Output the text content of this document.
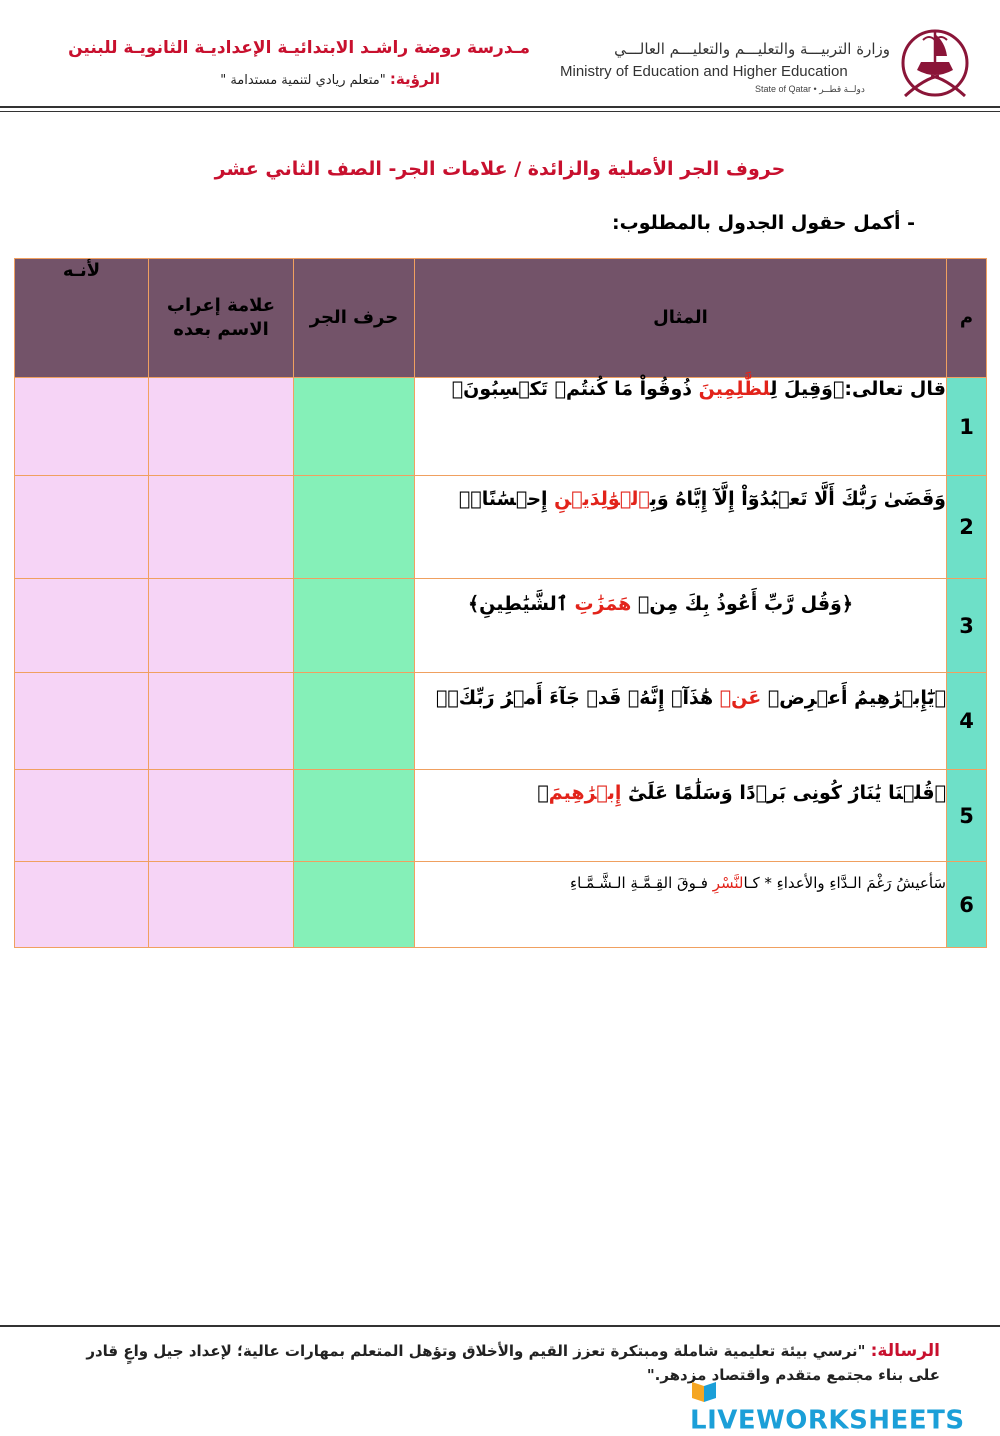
مـدرسة روضة راشـد الابتدائيـة الإعداديـة الثانويـة للبنين
الرؤية: "متعلم ريادي لتنمية مستدامة "
وزارة التربيـــة والتعليـــم والتعليـــم العالـــي
Ministry of Education and Higher Education
State of Qatar • دولــة قطــر
حروف الجر الأصلية والزائدة / علامات الجر- الصف الثاني عشر
- أكمل حقول الجدول بالمطلوب:
م	المثال	حرف الجر	علامة إعراب الاسم بعده	لأنـه
1	قال تعالى:﴿وَقِيلَ لِلظَّٰلِمِينَ ذُوقُواْ مَا كُنتُمۡ تَكۡسِبُونَ﴾			
2	وَقَضَىٰ رَبُّكَ أَلَّا تَعۡبُدُوٓاْ إِلَّآ إِيَّاهُ وَبِٱلۡوَٰلِدَيۡنِ إِحۡسَٰنًاۚ﴾			
3	﴿وَقُل رَّبِّ أَعُوذُ بِكَ مِنۡ هَمَزَٰتِ ٱلشَّيَٰطِينِ﴾			
4	﴿يَٰٓإِبۡرَٰهِيمُ أَعۡرِضۡ عَنۡ هَٰذَآۖ إِنَّهُۥ قَدۡ جَآءَ أَمۡرُ رَبِّكَۖ﴾			
5	﴿قُلۡنَا يَٰنَارُ كُونِى بَرۡدًا وَسَلَٰمًا عَلَىٰٓ إِبۡرَٰهِيمَ﴾			
6	سَأعيشُ رَغْمَ الـدَّاءِ والأعداءِ * كـالنَّسْرِ فـوقَ القِـمَّـةِ الـشَّـمَّـاءِ			
الرسالة: "نرسي بيئة تعليمية شاملة ومبتكرة تعزز القيم والأخلاق وتؤهل المتعلم بمهارات عالية؛ لإعداد جيل واعٍ قادر على بناء مجتمع متقدم واقتصاد مزدهر."
LIVEWORKSHEETS
